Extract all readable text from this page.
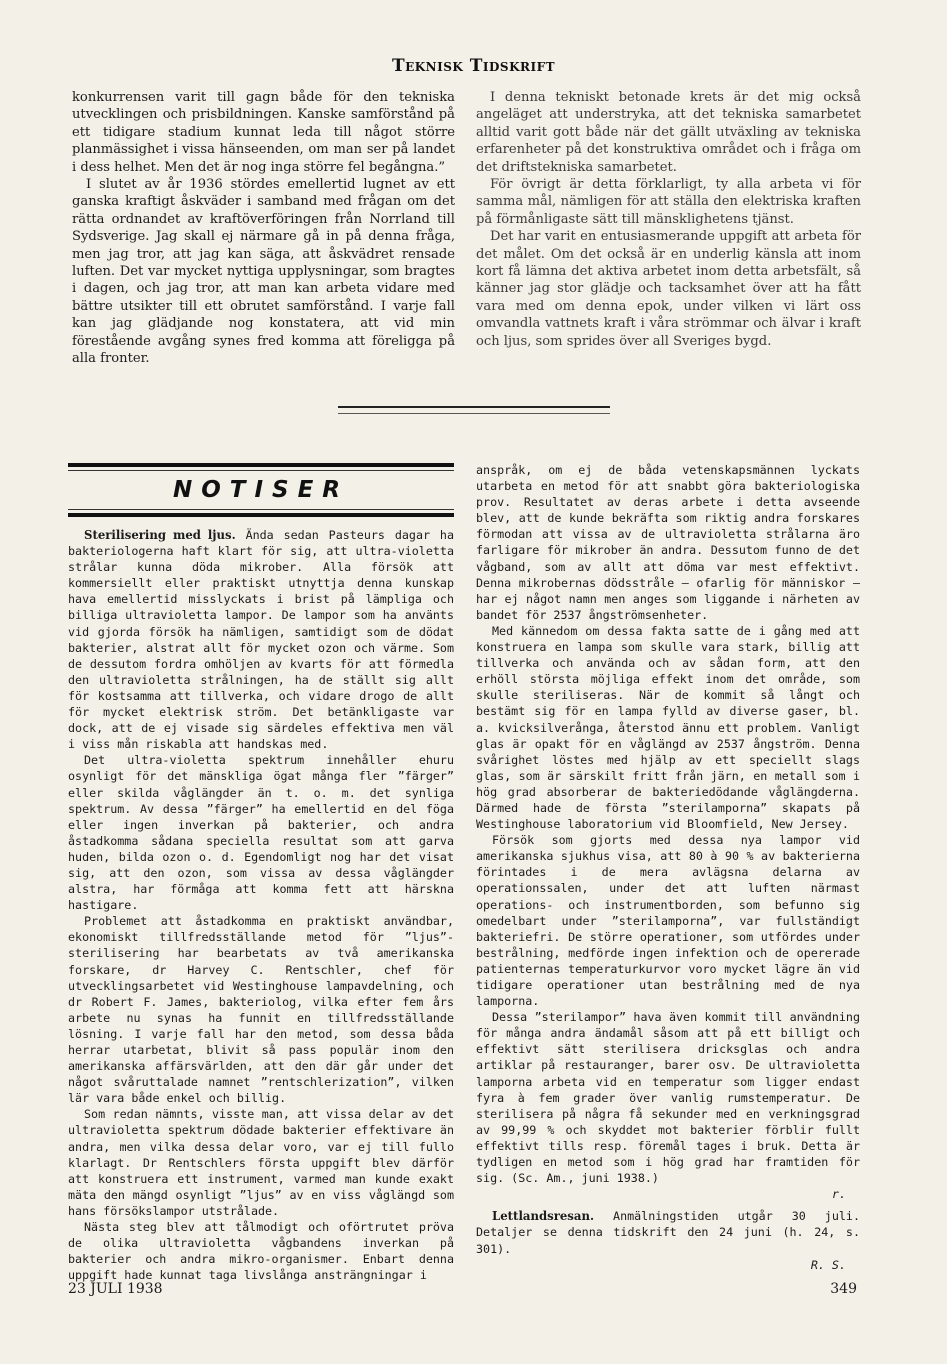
Teknisk Tidskrift

konkurrensen varit till gagn både för den tekniska utvecklingen och prisbildningen. Kanske samförstånd på ett tidigare stadium kunnat leda till något större planmässighet i vissa hänseenden, om man ser på landet i dess helhet. Men det är nog inga större fel begångna.”

I slutet av år 1936 stördes emellertid lugnet av ett ganska kraftigt åskväder i samband med frågan om det rätta ordnandet av kraftöverföringen från Norrland till Sydsverige. Jag skall ej närmare gå in på denna fråga, men jag tror, att jag kan säga, att åskvädret rensade luften. Det var mycket nyttiga upplysningar, som bragtes i dagen, och jag tror, att man kan arbeta vidare med bättre utsikter till ett obrutet samförstånd. I varje fall kan jag glädjande nog konstatera, att vid min förestående avgång synes fred komma att föreligga på alla fronter.

I denna tekniskt betonade krets är det mig också angeläget att understryka, att det tekniska samarbetet alltid varit gott både när det gällt utväxling av tekniska erfarenheter på det konstruktiva området och i fråga om det driftstekniska samarbetet.

För övrigt är detta förklarligt, ty alla arbeta vi för samma mål, nämligen för att ställa den elektriska kraften på förmånligaste sätt till mänsklighetens tjänst.

Det har varit en entusiasmerande uppgift att arbeta för det målet. Om det också är en underlig känsla att inom kort få lämna det aktiva arbetet inom detta arbetsfält, så känner jag stor glädje och tacksamhet över att ha fått vara med om denna epok, under vilken vi lärt oss omvandla vattnets kraft i våra strömmar och älvar i kraft och ljus, som sprides över all Sveriges bygd.

NOTISER

Sterilisering med ljus. Ända sedan Pasteurs dagar ha bakteriologerna haft klart för sig, att ultra-violetta strålar kunna döda mikrober. Alla försök att kommersiellt eller praktiskt utnyttja denna kunskap hava emellertid misslyckats i brist på lämpliga och billiga ultravioletta lampor. De lampor som ha använts vid gjorda försök ha nämligen, samtidigt som de dödat bakterier, alstrat allt för mycket ozon och värme. Som de dessutom fordra omhöljen av kvarts för att förmedla den ultravioletta strålningen, ha de ställt sig allt för kostsamma att tillverka, och vidare drogo de allt för mycket elektrisk ström. Det betänkligaste var dock, att de ej visade sig särdeles effektiva men väl i viss mån riskabla att handskas med.

Det ultra-violetta spektrum innehåller ehuru osynligt för det mänskliga ögat många fler ”färger” eller skilda våglängder än t. o. m. det synliga spektrum. Av dessa ”färger” ha emellertid en del föga eller ingen inverkan på bakterier, och andra åstadkomma sådana speciella resultat som att garva huden, bilda ozon o. d. Egendomligt nog har det visat sig, att den ozon, som vissa av dessa våglängder alstra, har förmåga att komma fett att härskna hastigare.

Problemet att åstadkomma en praktiskt användbar, ekonomiskt tillfredsställande metod för ”ljus”-sterilisering har bearbetats av två amerikanska forskare, dr Harvey C. Rentschler, chef för utvecklingsarbetet vid Westinghouse lampavdelning, och dr Robert F. James, bakteriolog, vilka efter fem års arbete nu synas ha funnit en tillfredsställande lösning. I varje fall har den metod, som dessa båda herrar utarbetat, blivit så pass populär inom den amerikanska affärsvärlden, att den där går under det något svåruttalade namnet ”rentschlerization”, vilken lär vara både enkel och billig.

Som redan nämnts, visste man, att vissa delar av det ultravioletta spektrum dödade bakterier effektivare än andra, men vilka dessa delar voro, var ej till fullo klarlagt. Dr Rentschlers första uppgift blev därför att konstruera ett instrument, varmed man kunde exakt mäta den mängd osynligt ”ljus” av en viss våglängd som hans försökslampor utstrålade.

Nästa steg blev att tålmodigt och oförtrutet pröva de olika ultravioletta vågbandens inverkan på bakterier och andra mikro-organismer. Enbart denna uppgift hade kunnat taga livslånga ansträngningar i

anspråk, om ej de båda vetenskapsmännen lyckats utarbeta en metod för att snabbt göra bakteriologiska prov. Resultatet av deras arbete i detta avseende blev, att de kunde bekräfta som riktig andra forskares förmodan att vissa av de ultravioletta strålarna äro farligare för mikrober än andra. Dessutom funno de det vågband, som av allt att döma var mest effektivt. Denna mikrobernas dödsstråle — ofarlig för människor — har ej något namn men anges som liggande i närheten av bandet för 2537 ångströmsenheter.

Med kännedom om dessa fakta satte de i gång med att konstruera en lampa som skulle vara stark, billig att tillverka och använda och av sådan form, att den erhöll största möjliga effekt inom det område, som skulle steriliseras. När de kommit så långt och bestämt sig för en lampa fylld av diverse gaser, bl. a. kvicksilverånga, återstod ännu ett problem. Vanligt glas är opakt för en våglängd av 2537 ångström. Denna svårighet löstes med hjälp av ett speciellt slags glas, som är särskilt fritt från järn, en metall som i hög grad absorberar de bakteriedödande våglängderna. Därmed hade de första ”sterilamporna” skapats på Westinghouse laboratorium vid Bloomfield, New Jersey.

Försök som gjorts med dessa nya lampor vid amerikanska sjukhus visa, att 80 à 90 % av bakterierna förintades i de mera avlägsna delarna av operationssalen, under det att luften närmast operations- och instrumentborden, som befunno sig omedelbart under ”sterilamporna”, var fullständigt bakteriefri. De större operationer, som utfördes under bestrålning, medförde ingen infektion och de opererade patienternas temperaturkurvor voro mycket lägre än vid tidigare operationer utan bestrålning med de nya lamporna.

Dessa ”sterilampor” hava även kommit till användning för många andra ändamål såsom att på ett billigt och effektivt sätt sterilisera dricksglas och andra artiklar på restauranger, barer osv. De ultravioletta lamporna arbeta vid en temperatur som ligger endast fyra à fem grader över vanlig rumstemperatur. De sterilisera på några få sekunder med en verkningsgrad av 99,99 % och skyddet mot bakterier förblir fullt effektivt tills resp. föremål tages i bruk. Detta är tydligen en metod som i hög grad har framtiden för sig. (Sc. Am., juni 1938.)

r.

Lettlandsresan. Anmälningstiden utgår 30 juli. Detaljer se denna tidskrift den 24 juni (h. 24, s. 301).

R. S.
23 JULI 1938	349
